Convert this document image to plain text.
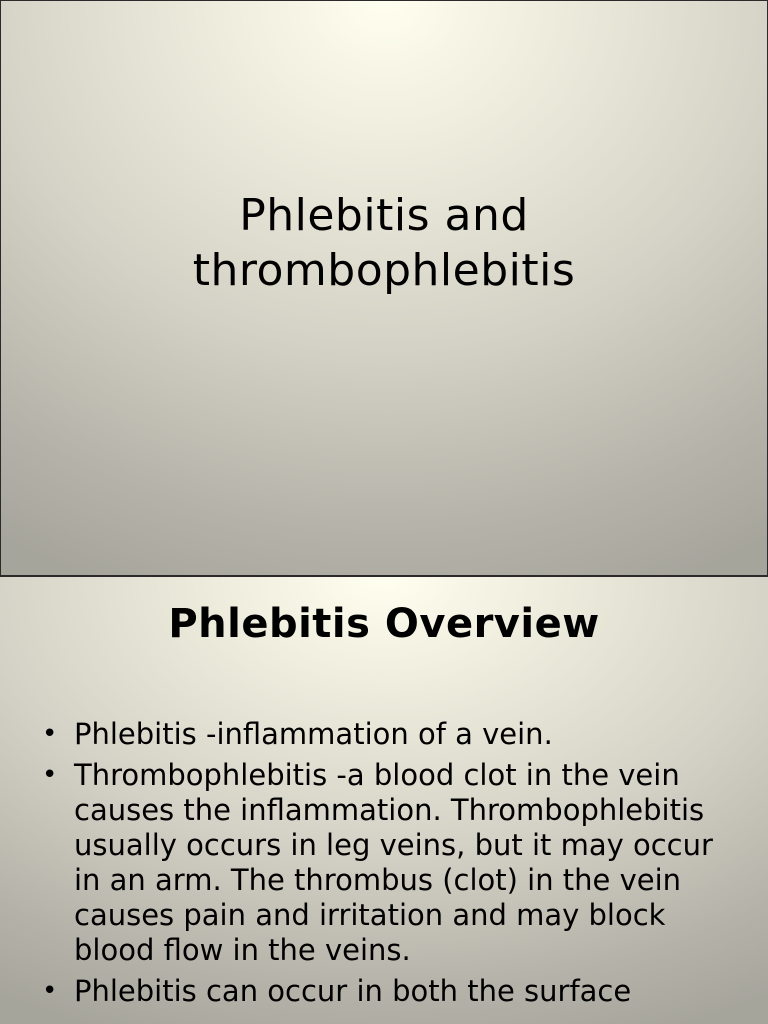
Phlebitis and thrombophlebitis
Phlebitis Overview
• Phlebitis -inflammation of a vein.
• Thrombophlebitis -a blood clot in the vein causes the inflammation. Thrombophlebitis usually occurs in leg veins, but it may occur in an arm. The thrombus (clot) in the vein causes pain and irritation and may block blood flow in the veins.
• Phlebitis can occur in both the surface
